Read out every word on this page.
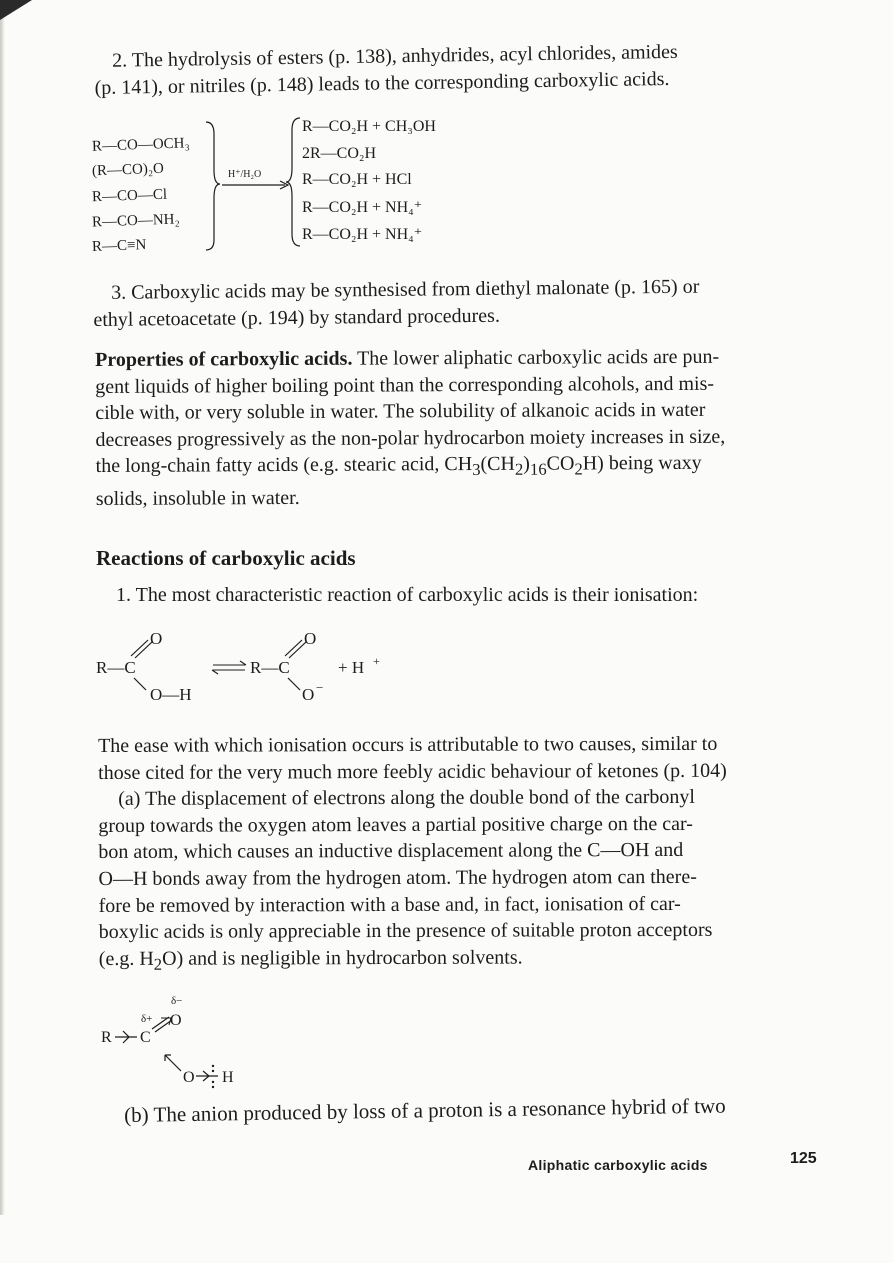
2. The hydrolysis of esters (p. 138), anhydrides, acyl chlorides, amides
(p. 141), or nitriles (p. 148) leads to the corresponding carboxylic acids.
R—CO—OCH₃
(R—CO)₂O
R—CO—Cl
R—CO—NH₂
R—C≡N
H⁺/H₂O
R—CO₂H + CH₃OH
2R—CO₂H
R—CO₂H + HCl
R—CO₂H + NH₄⁺
R—CO₂H + NH₄⁺
3. Carboxylic acids may be synthesised from diethyl malonate (p. 165) or
ethyl acetoacetate (p. 194) by standard procedures.
Properties of carboxylic acids. The lower aliphatic carboxylic acids are pun-
gent liquids of higher boiling point than the corresponding alcohols, and mis-
cible with, or very soluble in water. The solubility of alkanoic acids in water
decreases progressively as the non-polar hydrocarbon moiety increases in size,
the long-chain fatty acids (e.g. stearic acid, $CH_3(CH_2)_{16}CO_2H$) being waxy
solids, insoluble in water.
Reactions of carboxylic acids
1. The most characteristic reaction of carboxylic acids is their ionisation:
R—C
O
O—H
R—C
O
O −
+ H +
The ease with which ionisation occurs is attributable to two causes, similar to
those cited for the very much more feebly acidic behaviour of ketones (p. 104)
(a) The displacement of electrons along the double bond of the carbonyl
group towards the oxygen atom leaves a partial positive charge on the car-
bon atom, which causes an inductive displacement along the C—OH and
O—H bonds away from the hydrogen atom. The hydrogen atom can there-
fore be removed by interaction with a base and, in fact, ionisation of car-
boxylic acids is only appreciable in the presence of suitable proton acceptors
(e.g. $H_2O$) and is negligible in hydrocarbon solvents.
δ−
O
R
δ+
C
O H
(b) The anion produced by loss of a proton is a resonance hybrid of two
Aliphatic carboxylic acids	125
